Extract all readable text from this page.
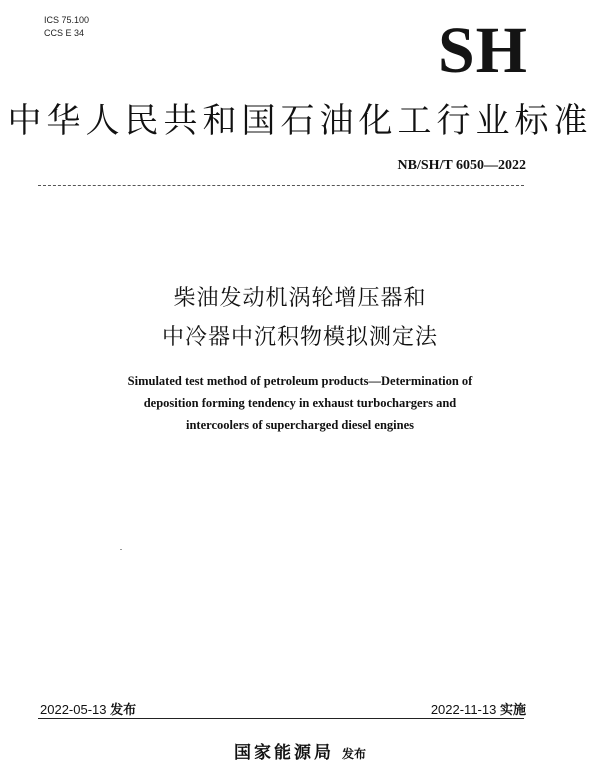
ICS 75.100
CCS E 34	SH
中华人民共和国石油化工行业标准
NB/SH/T 6050—2022
柴油发动机涡轮增压器和
中冷器中沉积物模拟测定法
Simulated test method of petroleum products—Determination of
deposition forming tendency in exhaust turbochargers and
intercoolers of supercharged diesel engines
2022-05-13 发布	2022-11-13 实施
国家能源局 发布
